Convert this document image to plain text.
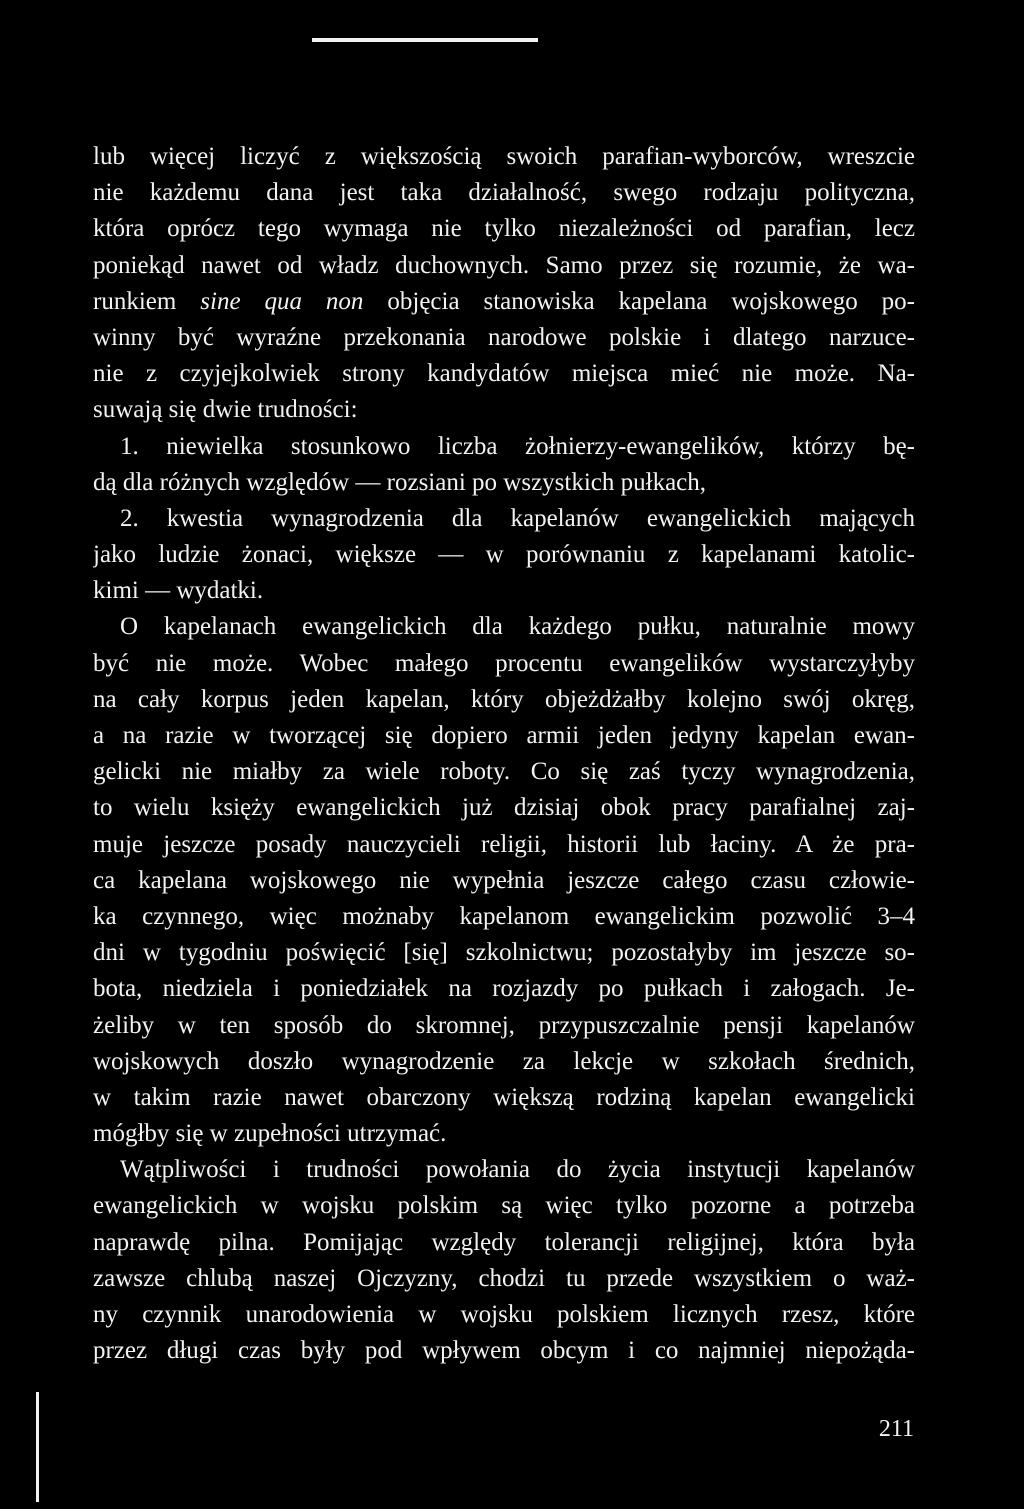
lub więcej liczyć z większością swoich parafian-wyborców, wreszcie
nie każdemu dana jest taka działalność, swego rodzaju polityczna,
która oprócz tego wymaga nie tylko niezależności od parafian, lecz
poniekąd nawet od władz duchownych. Samo przez się rozumie, że wa-
runkiem sine qua non objęcia stanowiska kapelana wojskowego po-
winny być wyraźne przekonania narodowe polskie i dlatego narzuce-
nie z czyjejkolwiek strony kandydatów miejsca mieć nie może. Na-
suwają się dwie trudności:
1. niewielka stosunkowo liczba żołnierzy-ewangelików, którzy bę-
dą dla różnych względów — rozsiani po wszystkich pułkach,
2. kwestia wynagrodzenia dla kapelanów ewangelickich mających
jako ludzie żonaci, większe — w porównaniu z kapelanami katolic-
kimi — wydatki.
O kapelanach ewangelickich dla każdego pułku, naturalnie mowy
być nie może. Wobec małego procentu ewangelików wystarczyłyby
na cały korpus jeden kapelan, który objeżdżałby kolejno swój okręg,
a na razie w tworzącej się dopiero armii jeden jedyny kapelan ewan-
gelicki nie miałby za wiele roboty. Co się zaś tyczy wynagrodzenia,
to wielu księży ewangelickich już dzisiaj obok pracy parafialnej zaj-
muje jeszcze posady nauczycieli religii, historii lub łaciny. A że pra-
ca kapelana wojskowego nie wypełnia jeszcze całego czasu człowie-
ka czynnego, więc możnaby kapelanom ewangelickim pozwolić 3–4
dni w tygodniu poświęcić [się] szkolnictwu; pozostałyby im jeszcze so-
bota, niedziela i poniedziałek na rozjazdy po pułkach i załogach. Je-
żeliby w ten sposób do skromnej, przypuszczalnie pensji kapelanów
wojskowych doszło wynagrodzenie za lekcje w szkołach średnich,
w takim razie nawet obarczony większą rodziną kapelan ewangelicki
mógłby się w zupełności utrzymać.
Wątpliwości i trudności powołania do życia instytucji kapelanów
ewangelickich w wojsku polskim są więc tylko pozorne a potrzeba
naprawdę pilna. Pomijając względy tolerancji religijnej, która była
zawsze chlubą naszej Ojczyzny, chodzi tu przede wszystkiem o waż-
ny czynnik unarodowienia w wojsku polskiem licznych rzesz, które
przez długi czas były pod wpływem obcym i co najmniej niepożąda-
211
